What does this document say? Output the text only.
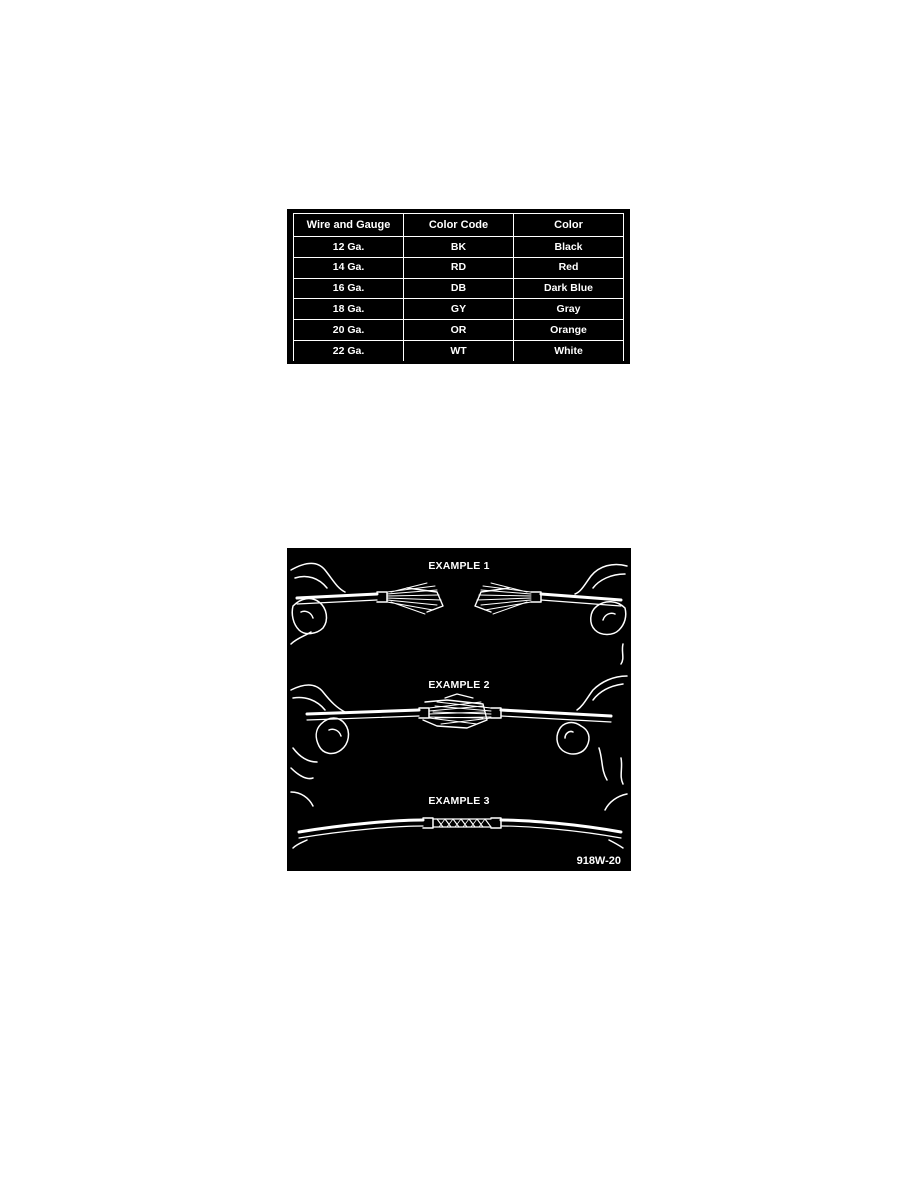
Wire and Gauge	Color Code	Color
12 Ga.	BK	Black
14 Ga.	RD	Red
16 Ga.	DB	Dark Blue
18 Ga.	GY	Gray
20 Ga.	OR	Orange
22 Ga.	WT	White
EXAMPLE 1
EXAMPLE 2
EXAMPLE 3
918W-20
